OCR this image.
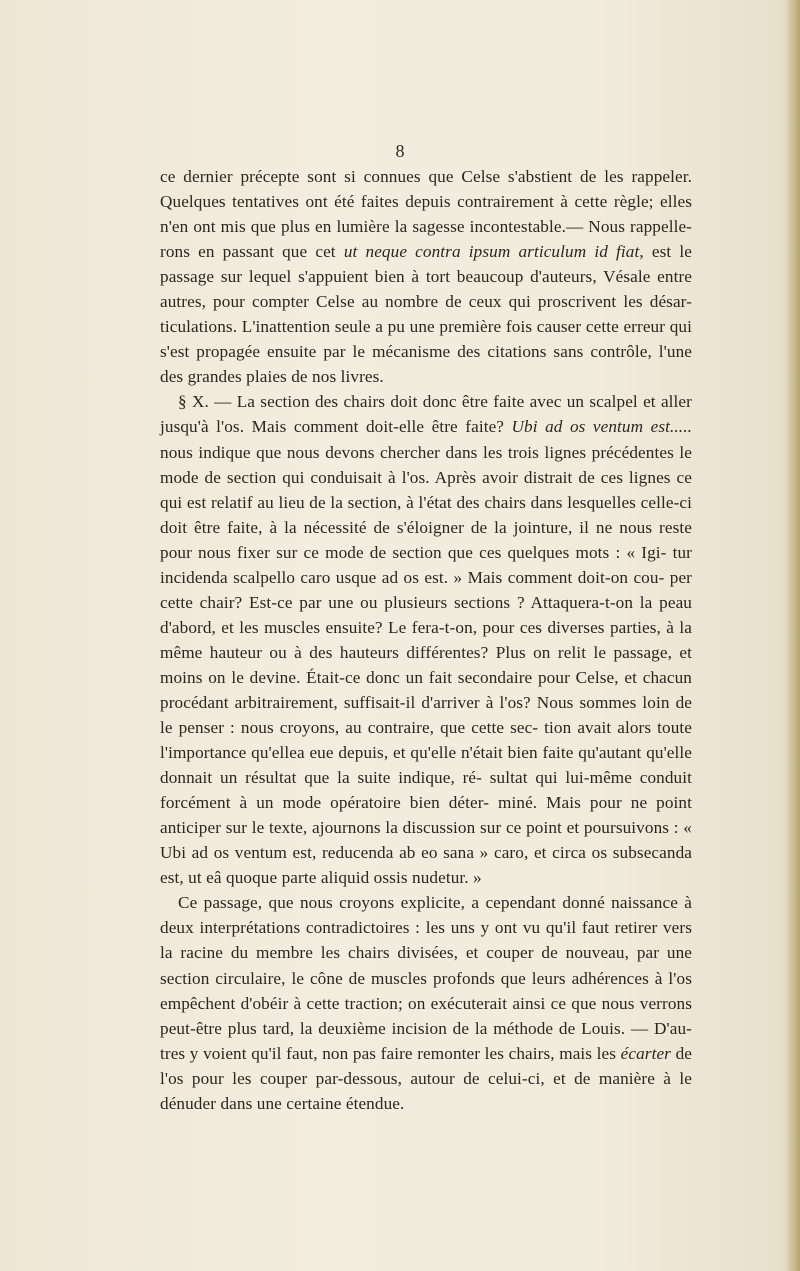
8

ce dernier précepte sont si connues que Celse s'abstient de les rappeler. Quelques tentatives ont été faites depuis contrairement à cette règle; elles n'en ont mis que plus en lumière la sagesse incontestable.— Nous rappelle- rons en passant que cet ut neque contra ipsum articulum id fiat, est le passage sur lequel s'appuient bien à tort beaucoup d'auteurs, Vésale entre autres, pour compter Celse au nombre de ceux qui proscrivent les désar- ticulations. L'inattention seule a pu une première fois causer cette erreur qui s'est propagée ensuite par le mécanisme des citations sans contrôle, l'une des grandes plaies de nos livres.

§ X. — La section des chairs doit donc être faite avec un scalpel et aller jusqu'à l'os. Mais comment doit-elle être faite? Ubi ad os ventum est..... nous indique que nous devons chercher dans les trois lignes précédentes le mode de section qui conduisait à l'os. Après avoir distrait de ces lignes ce qui est relatif au lieu de la section, à l'état des chairs dans lesquelles celle-ci doit être faite, à la nécessité de s'éloigner de la jointure, il ne nous reste pour nous fixer sur ce mode de section que ces quelques mots : « Igi- tur incidenda scalpello caro usque ad os est. » Mais comment doit-on cou- per cette chair? Est-ce par une ou plusieurs sections ? Attaquera-t-on la peau d'abord, et les muscles ensuite? Le fera-t-on, pour ces diverses parties, à la même hauteur ou à des hauteurs différentes? Plus on relit le passage, et moins on le devine. Était-ce donc un fait secondaire pour Celse, et chacun procédant arbitrairement, suffisait-il d'arriver à l'os? Nous sommes loin de le penser : nous croyons, au contraire, que cette sec- tion avait alors toute l'importance qu'ellea eue depuis, et qu'elle n'était bien faite qu'autant qu'elle donnait un résultat que la suite indique, ré- sultat qui lui-même conduit forcément à un mode opératoire bien déter- miné. Mais pour ne point anticiper sur le texte, ajournons la discussion sur ce point et poursuivons : « Ubi ad os ventum est, reducenda ab eo sana » caro, et circa os subsecanda est, ut eâ quoque parte aliquid ossis nudetur. »

Ce passage, que nous croyons explicite, a cependant donné naissance à deux interprétations contradictoires : les uns y ont vu qu'il faut retirer vers la racine du membre les chairs divisées, et couper de nouveau, par une section circulaire, le cône de muscles profonds que leurs adhérences à l'os empêchent d'obéir à cette traction; on exécuterait ainsi ce que nous verrons peut-être plus tard, la deuxième incision de la méthode de Louis. — D'au- tres y voient qu'il faut, non pas faire remonter les chairs, mais les écarter de l'os pour les couper par-dessous, autour de celui-ci, et de manière à le dénuder dans une certaine étendue.
